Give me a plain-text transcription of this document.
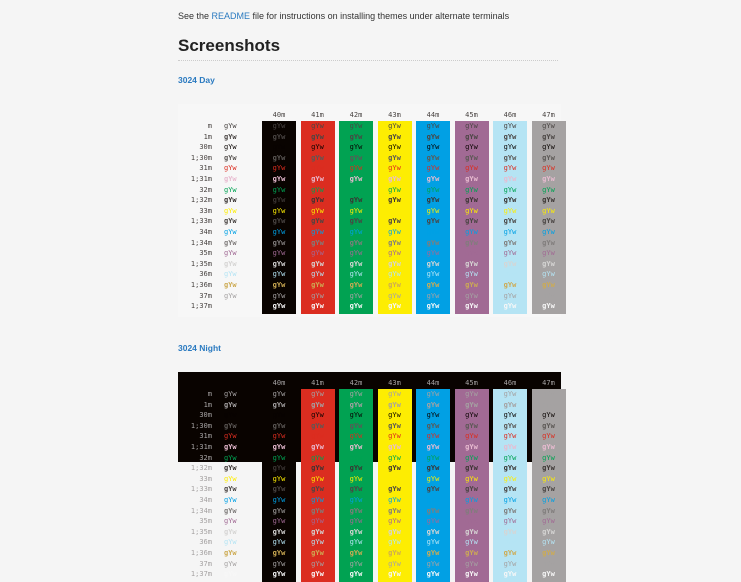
See the README file for instructions on installing themes under alternate terminals
Screenshots
3024 Day
40m	41m	42m	43m	44m	45m	46m	47m
m gYw	gYw	gYw	gYw	gYw	gYw	gYw	gYw	gYw
1m gYw	gYw	gYw	gYw	gYw	gYw	gYw	gYw	gYw
30m gYw	gYw	gYw	gYw	gYw	gYw	gYw	gYw	gYw
1;30m gYw	gYw	gYw	gYw	gYw	gYw	gYw	gYw	gYw
31m gYw	gYw	gYw	gYw	gYw	gYw	gYw	gYw	gYw
1;31m gYw	gYw	gYw	gYw	gYw	gYw	gYw	gYw	gYw
32m gYw	gYw	gYw	gYw	gYw	gYw	gYw	gYw	gYw
1;32m gYw	gYw	gYw	gYw	gYw	gYw	gYw	gYw	gYw
33m gYw	gYw	gYw	gYw	gYw	gYw	gYw	gYw	gYw
1;33m gYw	gYw	gYw	gYw	gYw	gYw	gYw	gYw	gYw
34m gYw	gYw	gYw	gYw	gYw	gYw	gYw	gYw	gYw
1;34m gYw	gYw	gYw	gYw	gYw	gYw	gYw	gYw	gYw
35m gYw	gYw	gYw	gYw	gYw	gYw	gYw	gYw	gYw
1;35m gYw	gYw	gYw	gYw	gYw	gYw	gYw	gYw	gYw
36m gYw	gYw	gYw	gYw	gYw	gYw	gYw	gYw	gYw
1;36m gYw	gYw	gYw	gYw	gYw	gYw	gYw	gYw	gYw
37m gYw	gYw	gYw	gYw	gYw	gYw	gYw	gYw	gYw
1;37m gYw	gYw	gYw	gYw	gYw	gYw	gYw	gYw	gYw
3024 Night
40m	41m	42m	43m	44m	45m	46m	47m
m gYw	gYw	gYw	gYw	gYw	gYw	gYw	gYw	gYw
1m gYw	gYw	gYw	gYw	gYw	gYw	gYw	gYw	gYw
30m gYw	gYw	gYw	gYw	gYw	gYw	gYw	gYw	gYw
1;30m gYw	gYw	gYw	gYw	gYw	gYw	gYw	gYw	gYw
31m gYw	gYw	gYw	gYw	gYw	gYw	gYw	gYw	gYw
1;31m gYw	gYw	gYw	gYw	gYw	gYw	gYw	gYw	gYw
32m gYw	gYw	gYw	gYw	gYw	gYw	gYw	gYw	gYw
1;32m gYw	gYw	gYw	gYw	gYw	gYw	gYw	gYw	gYw
33m gYw	gYw	gYw	gYw	gYw	gYw	gYw	gYw	gYw
1;33m gYw	gYw	gYw	gYw	gYw	gYw	gYw	gYw	gYw
34m gYw	gYw	gYw	gYw	gYw	gYw	gYw	gYw	gYw
1;34m gYw	gYw	gYw	gYw	gYw	gYw	gYw	gYw	gYw
35m gYw	gYw	gYw	gYw	gYw	gYw	gYw	gYw	gYw
1;35m gYw	gYw	gYw	gYw	gYw	gYw	gYw	gYw	gYw
36m gYw	gYw	gYw	gYw	gYw	gYw	gYw	gYw	gYw
1;36m gYw	gYw	gYw	gYw	gYw	gYw	gYw	gYw	gYw
37m gYw	gYw	gYw	gYw	gYw	gYw	gYw	gYw	gYw
1;37m gYw	gYw	gYw	gYw	gYw	gYw	gYw	gYw	gYw
